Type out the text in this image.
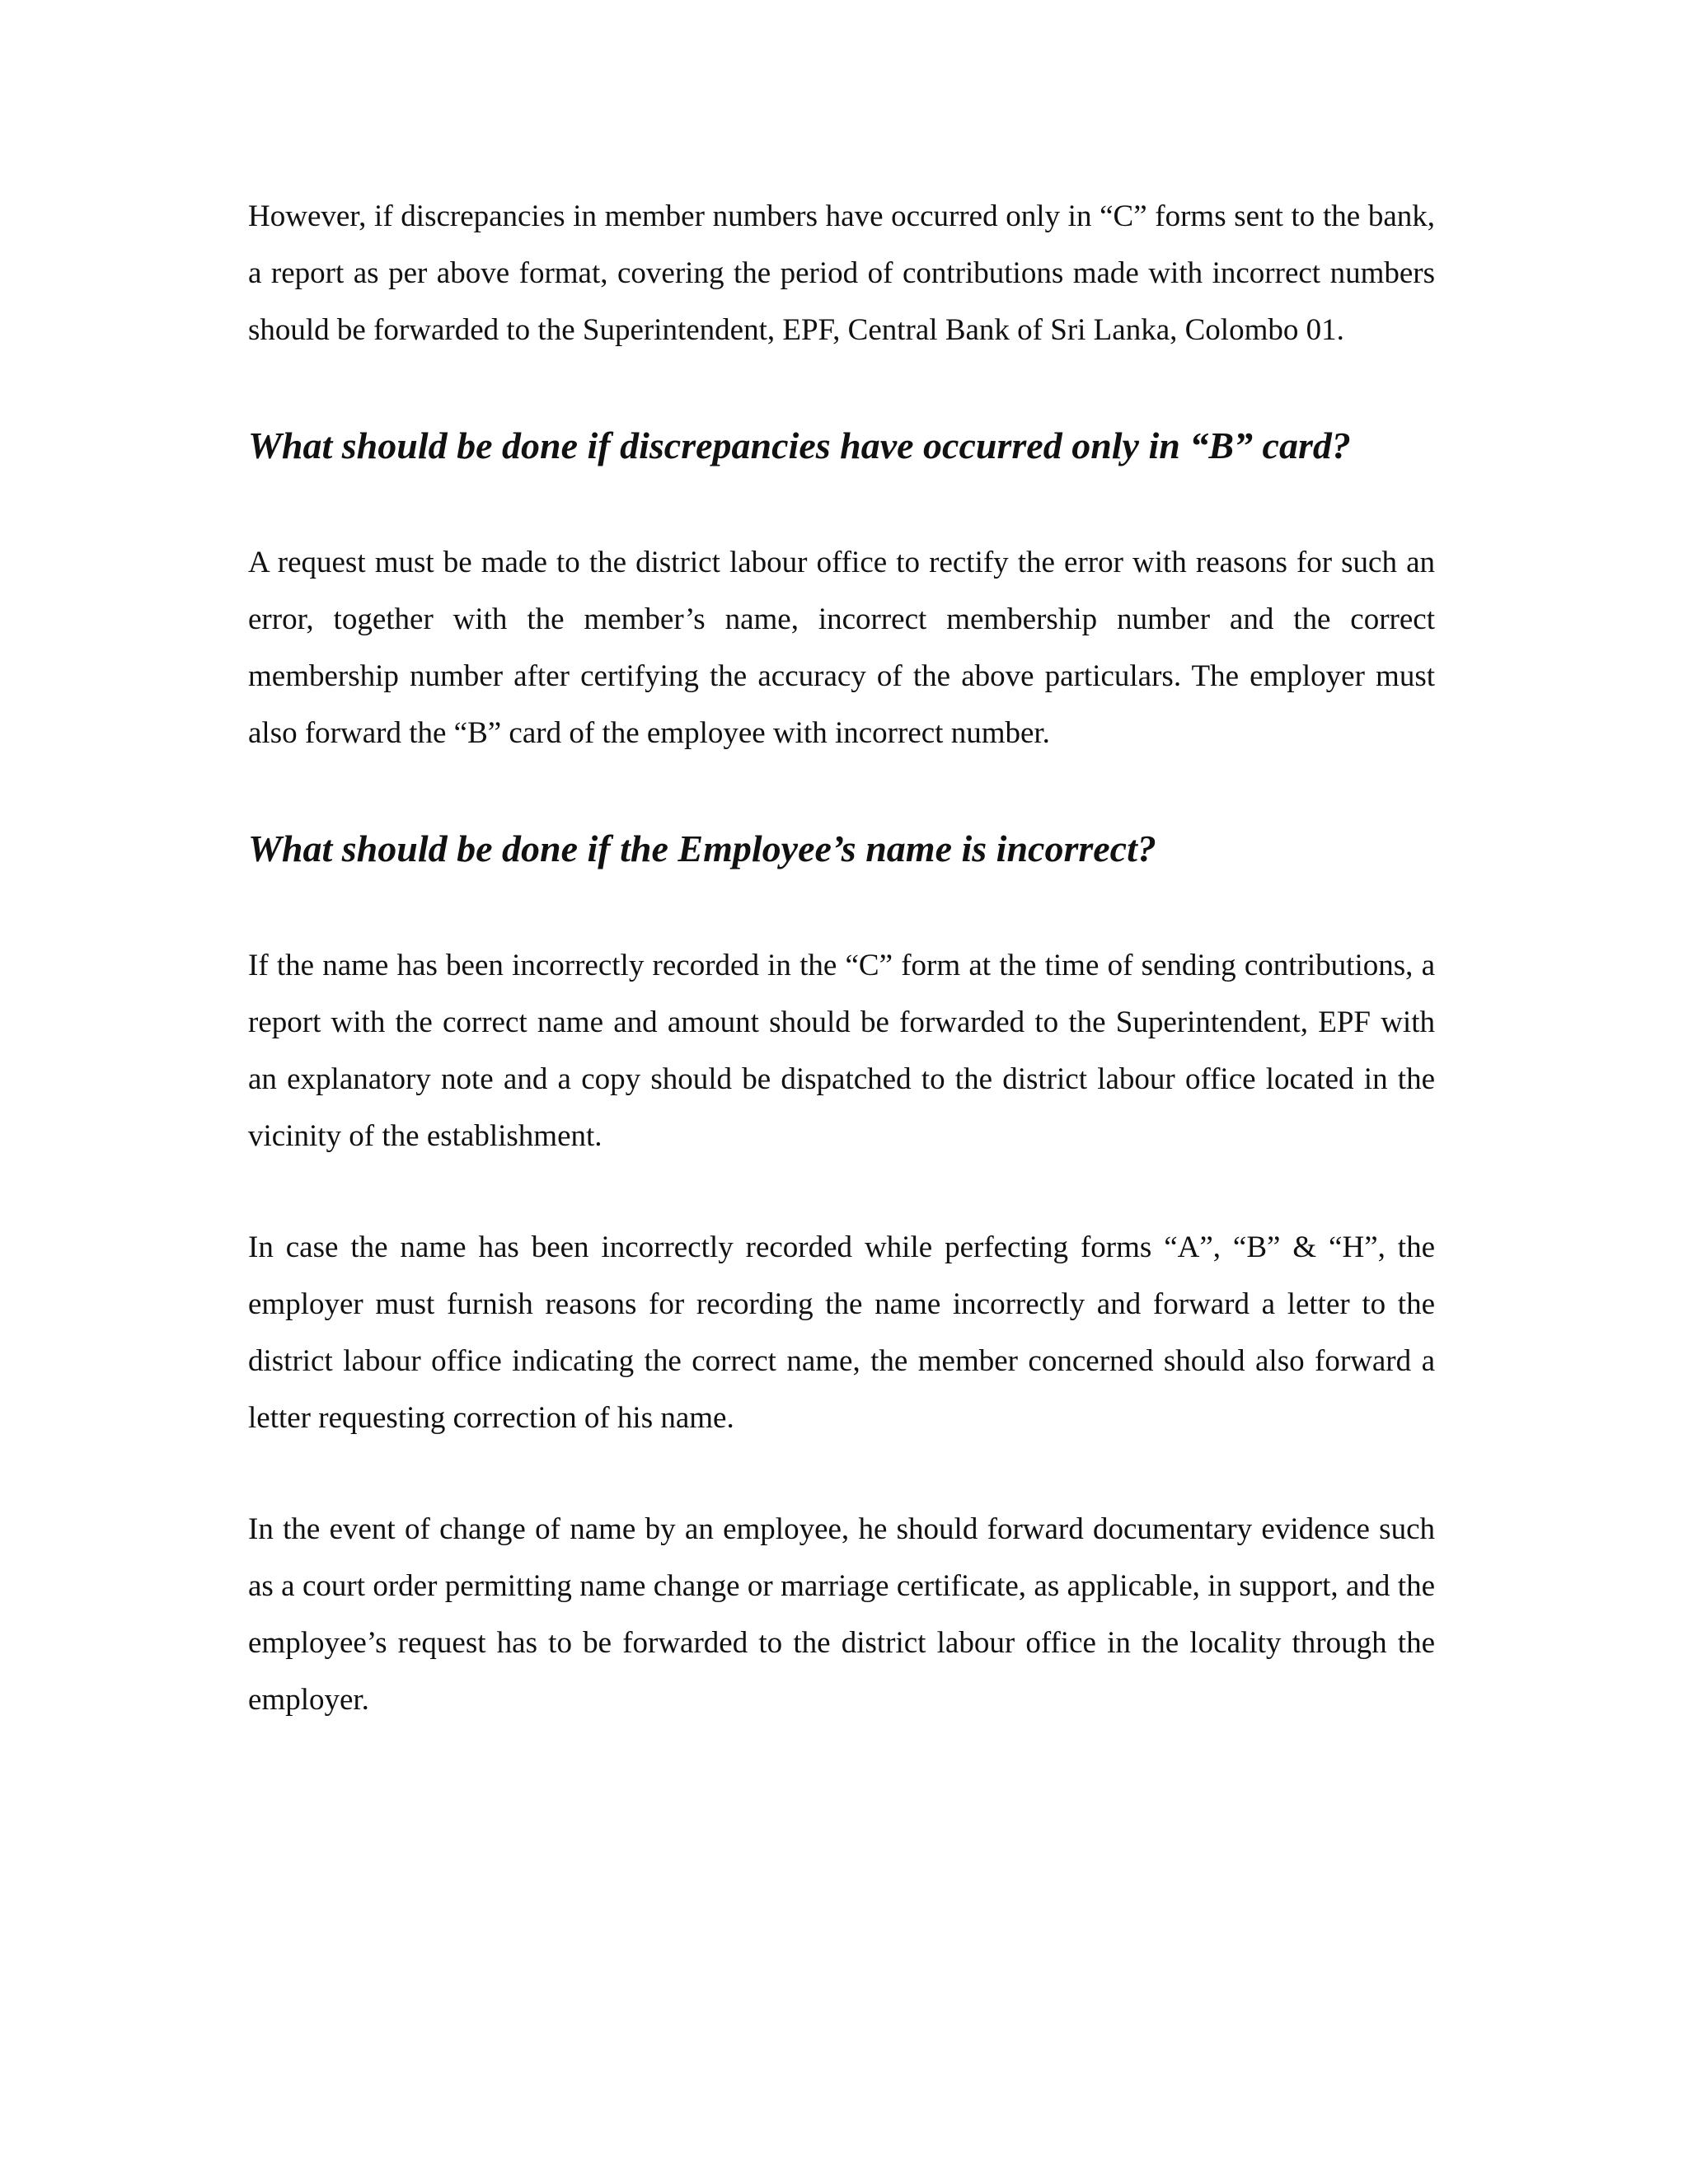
However, if discrepancies in member numbers have occurred only in “C” forms sent to the bank, a report as per above format, covering the period of contributions made with incorrect numbers should be forwarded to the Superintendent, EPF, Central Bank of Sri Lanka, Colombo 01.

What should be done if discrepancies have occurred only in “B” card?

A request must be made to the district labour office to rectify the error with reasons for such an error, together with the member’s name, incorrect membership number and the correct membership number after certifying the accuracy of the above particulars. The employer must also forward the “B” card of the employee with incorrect number.

What should be done if the Employee’s name is incorrect?

If the name has been incorrectly recorded in the “C” form at the time of sending contributions, a report with the correct name and amount should be forwarded to the Superintendent, EPF with an explanatory note and a copy should be dispatched to the district labour office located in the vicinity of the establishment.

In case the name has been incorrectly recorded while perfecting forms “A”, “B” & “H”, the employer must furnish reasons for recording the name incorrectly and forward a letter to the district labour office indicating the correct name, the member concerned should also forward a letter requesting correction of his name.

In the event of change of name by an employee, he should forward documentary evidence such as a court order permitting name change or marriage certificate, as applicable, in support, and the employee’s request has to be forwarded to the district labour office in the locality through the employer.
